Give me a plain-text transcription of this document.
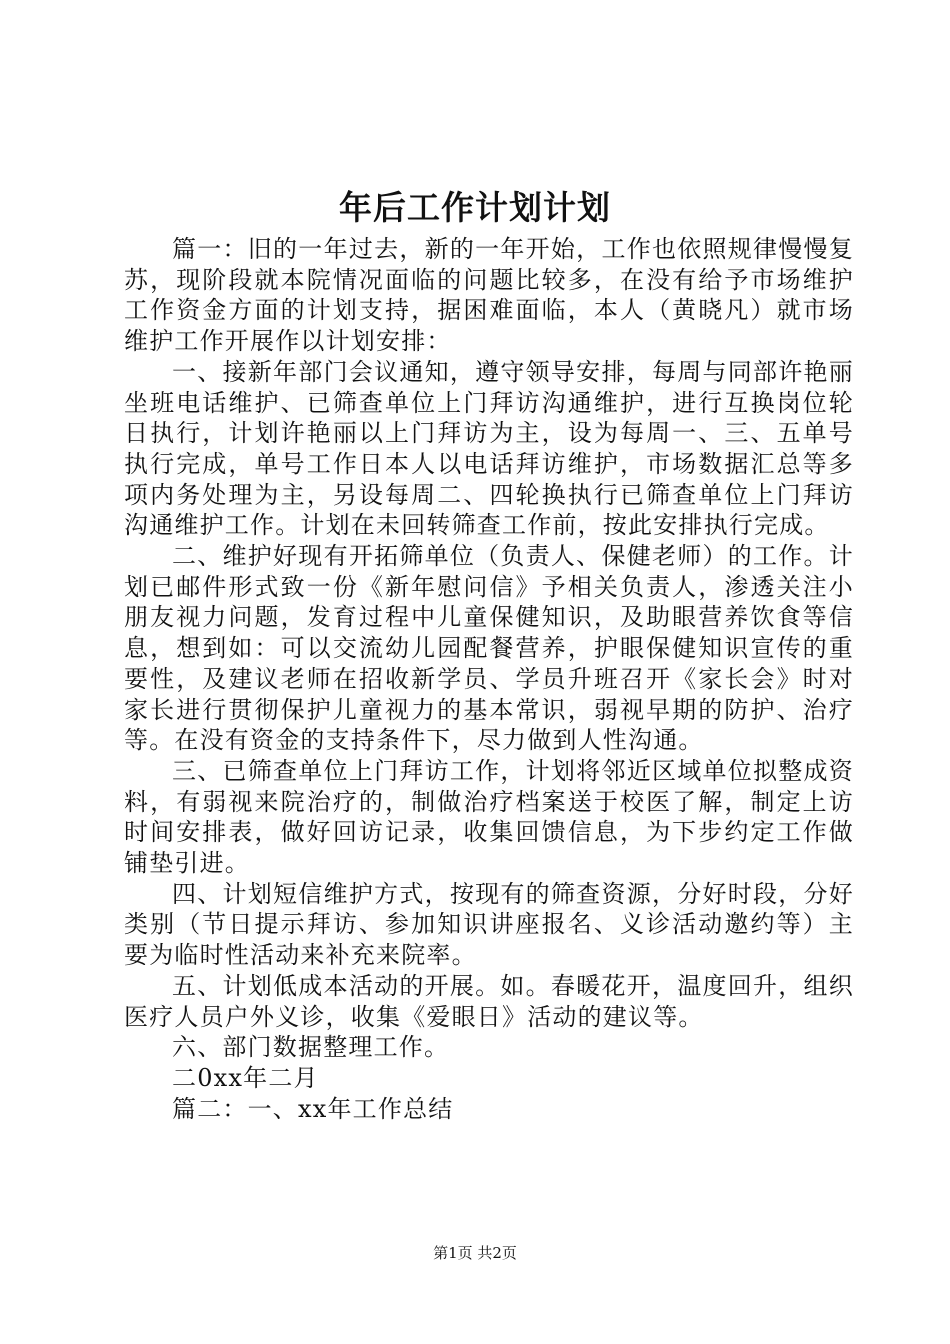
年后工作计划计划

篇一：旧的一年过去，新的一年开始，工作也依照规律慢慢复苏，现阶段就本院情况面临的问题比较多，在没有给予市场维护工作资金方面的计划支持，据困难面临，本人（黄晓凡）就市场维护工作开展作以计划安排：

一、接新年部门会议通知，遵守领导安排，每周与同部许艳丽坐班电话维护、已筛查单位上门拜访沟通维护，进行互换岗位轮日执行，计划许艳丽以上门拜访为主，设为每周一、三、五单号执行完成，单号工作日本人以电话拜访维护，市场数据汇总等多项内务处理为主，另设每周二、四轮换执行已筛查单位上门拜访沟通维护工作。计划在未回转筛查工作前，按此安排执行完成。

二、维护好现有开拓筛单位（负责人、保健老师）的工作。计划已邮件形式致一份《新年慰问信》予相关负责人，渗透关注小朋友视力问题，发育过程中儿童保健知识，及助眼营养饮食等信息，想到如：可以交流幼儿园配餐营养，护眼保健知识宣传的重要性，及建议老师在招收新学员、学员升班召开《家长会》时对家长进行贯彻保护儿童视力的基本常识，弱视早期的防护、治疗等。在没有资金的支持条件下，尽力做到人性沟通。

三、已筛查单位上门拜访工作，计划将邻近区域单位拟整成资料，有弱视来院治疗的，制做治疗档案送于校医了解，制定上访时间安排表，做好回访记录，收集回馈信息，为下步约定工作做铺垫引进。

四、计划短信维护方式，按现有的筛查资源，分好时段，分好类别（节日提示拜访、参加知识讲座报名、义诊活动邀约等）主要为临时性活动来补充来院率。

五、计划低成本活动的开展。如。春暖花开，温度回升，组织医疗人员户外义诊，收集《爱眼日》活动的建议等。

六、部门数据整理工作。

二0xx年二月

篇二：一、xx年工作总结

第1页 共2页
